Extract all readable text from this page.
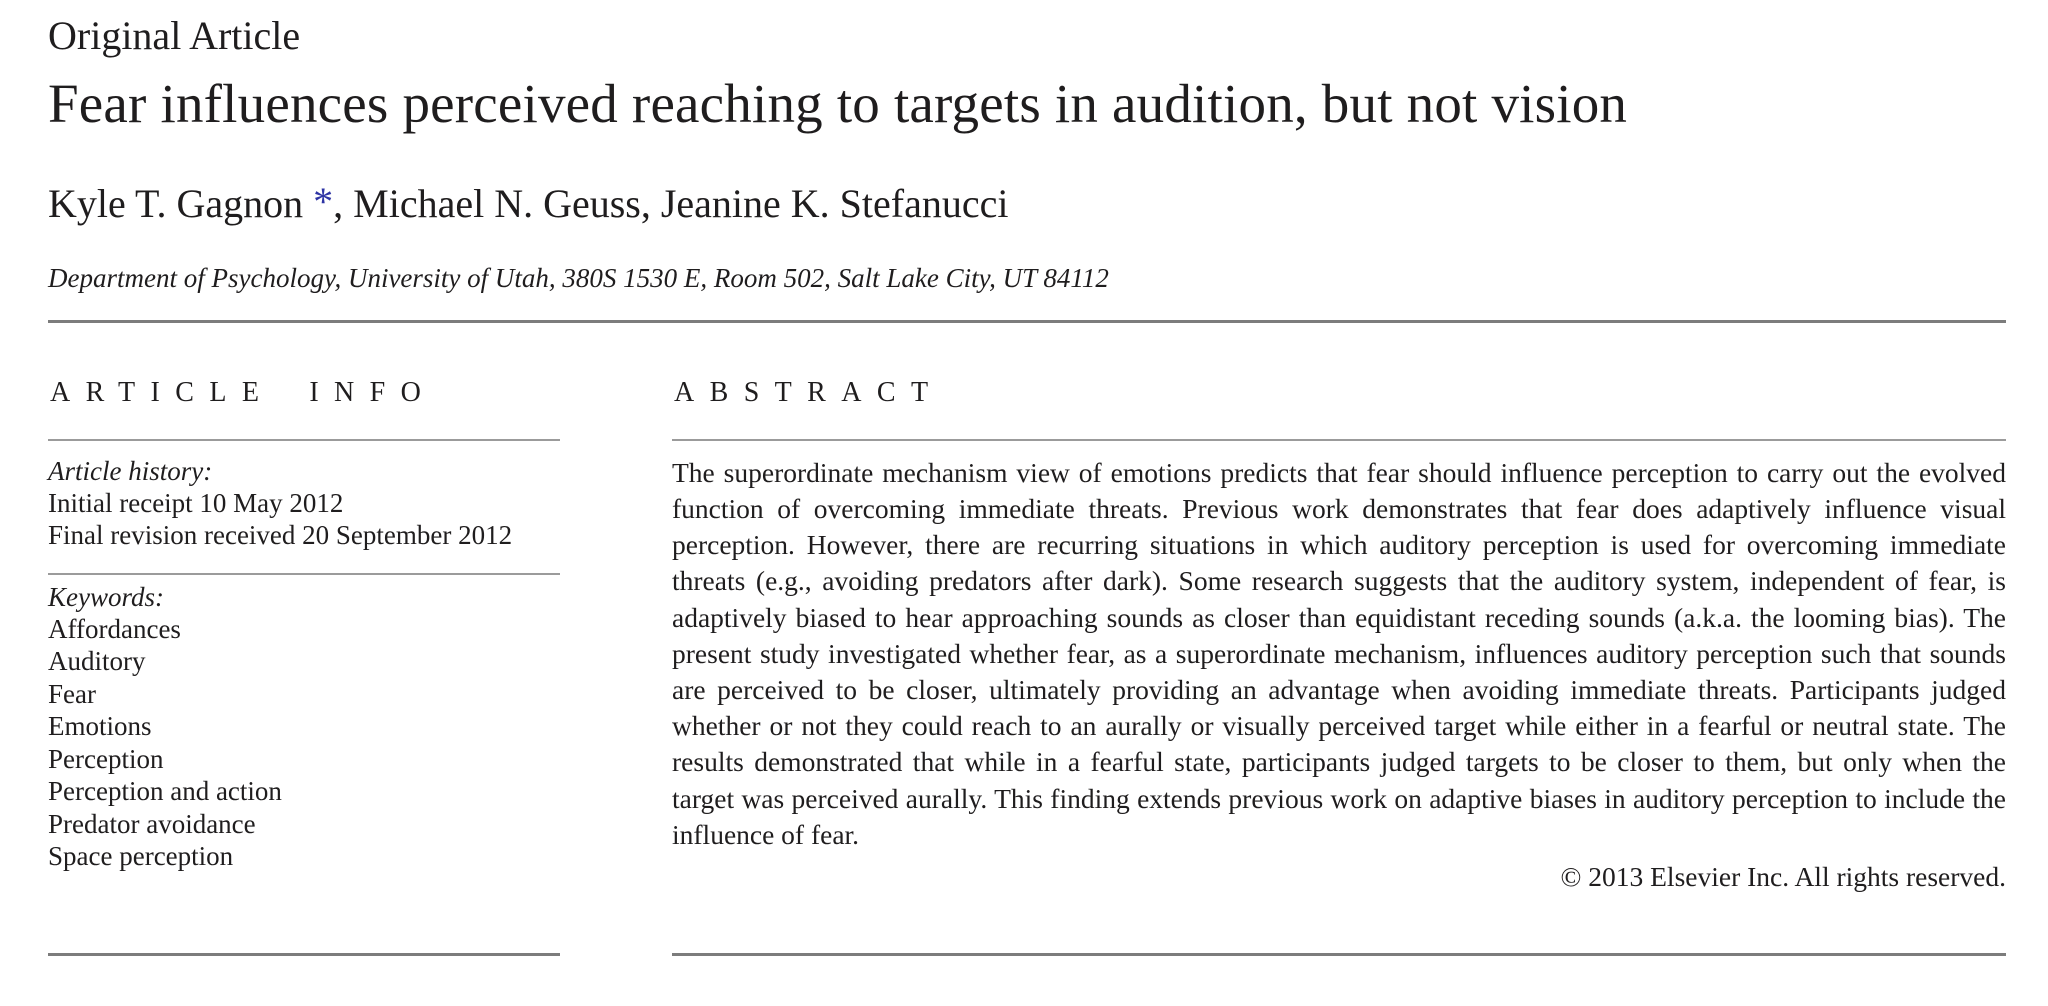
Original Article
Fear influences perceived reaching to targets in audition, but not vision
Kyle T. Gagnon *, Michael N. Geuss, Jeanine K. Stefanucci
Department of Psychology, University of Utah, 380S 1530 E, Room 502, Salt Lake City, UT 84112
ARTICLE INFO
Article history:
Initial receipt 10 May 2012
Final revision received 20 September 2012
Keywords:
Affordances
Auditory
Fear
Emotions
Perception
Perception and action
Predator avoidance
Space perception
ABSTRACT

The superordinate mechanism view of emotions predicts that fear should influence perception to carry out the evolved function of overcoming immediate threats. Previous work demonstrates that fear does adaptively influence visual perception. However, there are recurring situations in which auditory perception is used for overcoming immediate threats (e.g., avoiding predators after dark). Some research suggests that the auditory system, independent of fear, is adaptively biased to hear approaching sounds as closer than equidistant receding sounds (a.k.a. the looming bias). The present study investigated whether fear, as a superordinate mechanism, influences auditory perception such that sounds are perceived to be closer, ultimately providing an advantage when avoiding immediate threats. Participants judged whether or not they could reach to an aurally or visually perceived target while either in a fearful or neutral state. The results demonstrated that while in a fearful state, participants judged targets to be closer to them, but only when the target was perceived aurally. This finding extends previous work on adaptive biases in auditory perception to include the influence of fear.

© 2013 Elsevier Inc. All rights reserved.
